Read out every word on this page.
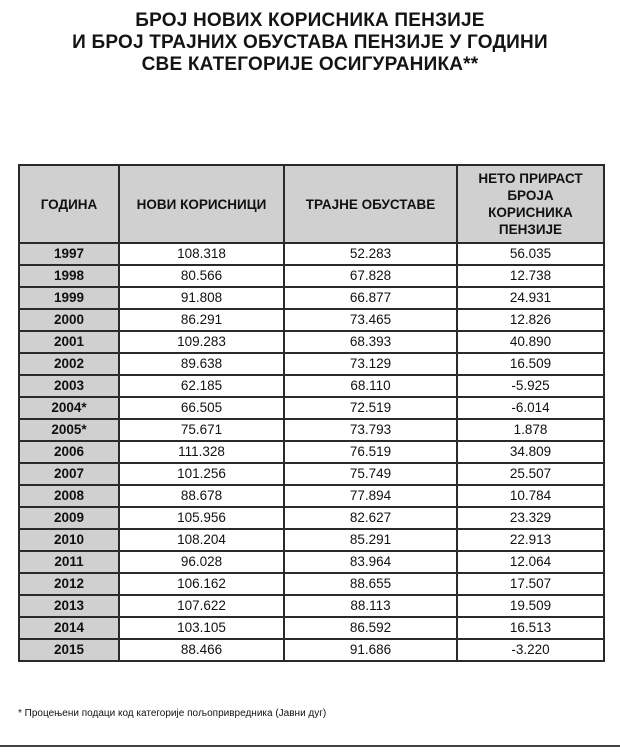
БРОЈ НОВИХ КОРИСНИКА ПЕНЗИЈЕ
И БРОЈ ТРАЈНИХ ОБУСТАВА ПЕНЗИЈЕ У ГОДИНИ
СВЕ КАТЕГОРИЈЕ ОСИГУРАНИКА**
ГОДИНА	НОВИ КОРИСНИЦИ	ТРАЈНЕ ОБУСТАВЕ	НЕТО ПРИРАСТ
БРОЈА
КОРИСНИКА
ПЕНЗИЈЕ

1997	108.318	52.283	56.035
1998	80.566	67.828	12.738
1999	91.808	66.877	24.931
2000	86.291	73.465	12.826
2001	109.283	68.393	40.890
2002	89.638	73.129	16.509
2003	62.185	68.110	-5.925
2004*	66.505	72.519	-6.014
2005*	75.671	73.793	1.878
2006	111.328	76.519	34.809
2007	101.256	75.749	25.507
2008	88.678	77.894	10.784
2009	105.956	82.627	23.329
2010	108.204	85.291	22.913
2011	96.028	83.964	12.064
2012	106.162	88.655	17.507
2013	107.622	88.113	19.509
2014	103.105	86.592	16.513
2015	88.466	91.686	-3.220
* Процењени подаци код категорије пољопривредника (Јавни дуг)
